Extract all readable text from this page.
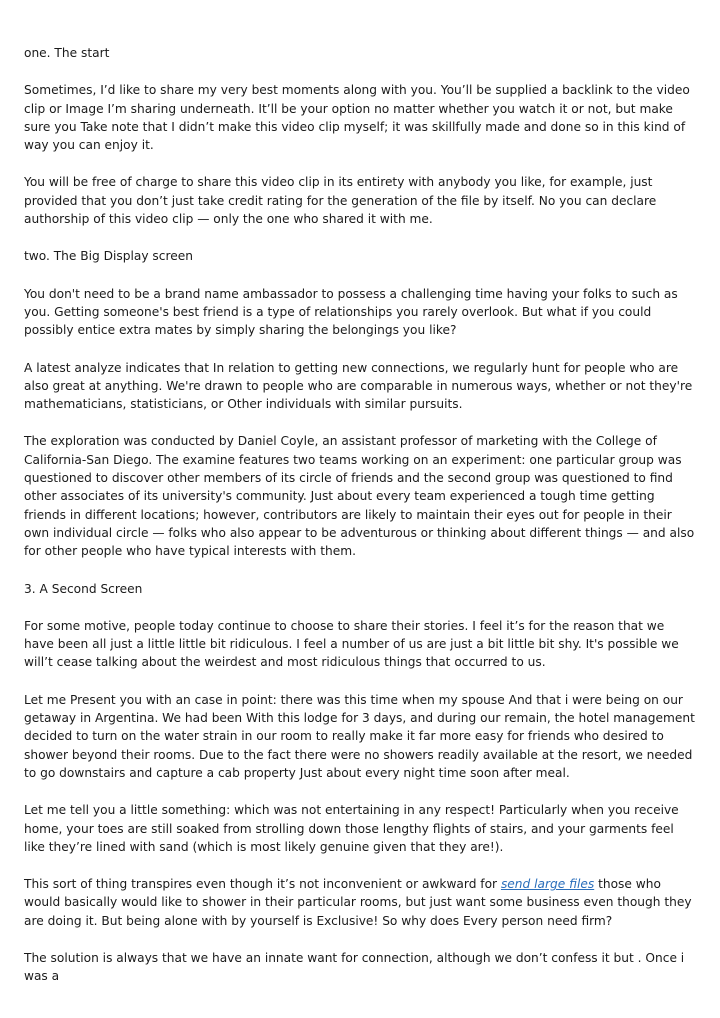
one. The start

Sometimes, I’d like to share my very best moments along with you. You’ll be supplied a backlink to the video clip or Image I’m sharing underneath. It’ll be your option no matter whether you watch it or not, but make sure you Take note that I didn’t make this video clip myself; it was skillfully made and done so in this kind of way you can enjoy it.

You will be free of charge to share this video clip in its entirety with anybody you like, for example, just provided that you don’t just take credit rating for the generation of the file by itself. No you can declare authorship of this video clip — only the one who shared it with me.

two. The Big Display screen

You don't need to be a brand name ambassador to possess a challenging time having your folks to such as you. Getting someone's best friend is a type of relationships you rarely overlook. But what if you could possibly entice extra mates by simply sharing the belongings you like?

A latest analyze indicates that In relation to getting new connections, we regularly hunt for people who are also great at anything. We're drawn to people who are comparable in numerous ways, whether or not they're mathematicians, statisticians, or Other individuals with similar pursuits.

The exploration was conducted by Daniel Coyle, an assistant professor of marketing with the College of California-San Diego. The examine features two teams working on an experiment: one particular group was questioned to discover other members of its circle of friends and the second group was questioned to find other associates of its university's community. Just about every team experienced a tough time getting friends in different locations; however, contributors are likely to maintain their eyes out for people in their own individual circle — folks who also appear to be adventurous or thinking about different things — and also for other people who have typical interests with them.

3. A Second Screen

For some motive, people today continue to choose to share their stories. I feel it’s for the reason that we have been all just a little little bit ridiculous. I feel a number of us are just a bit little bit shy. It's possible we will’t cease talking about the weirdest and most ridiculous things that occurred to us.

Let me Present you with an case in point: there was this time when my spouse And that i were being on our getaway in Argentina. We had been With this lodge for 3 days, and during our remain, the hotel management decided to turn on the water strain in our room to really make it far more easy for friends who desired to shower beyond their rooms. Due to the fact there were no showers readily available at the resort, we needed to go downstairs and capture a cab property Just about every night time soon after meal.

Let me tell you a little something: which was not entertaining in any respect! Particularly when you receive home, your toes are still soaked from strolling down those lengthy flights of stairs, and your garments feel like they’re lined with sand (which is most likely genuine given that they are!).

This sort of thing transpires even though it’s not inconvenient or awkward for send large files those who would basically would like to shower in their particular rooms, but just want some business even though they are doing it. But being alone with by yourself is Exclusive! So why does Every person need firm?

The solution is always that we have an innate want for connection, although we don’t confess it but . Once i was a
